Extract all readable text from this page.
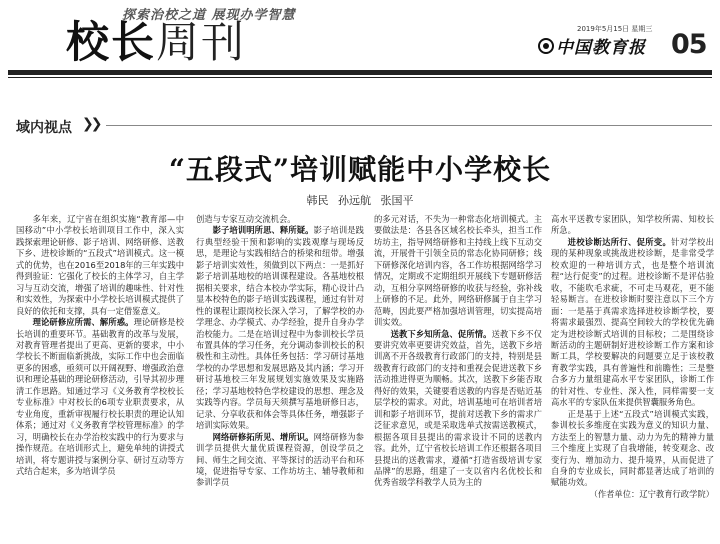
探索治校之道 展现办学智慧
校长周刊	2019年5月15日 星期三
中国教育报 05
域内视点 ❯❯
“五段式”培训赋能中小学校长
韩民 孙远航 张国平

多年来，辽宁省在组织实施“教育部—中国移动”中小学校长培训项目工作中，深入实践探索理论研修、影子培训、网络研修、送教下乡、进校诊断的“五段式”培训模式。这一模式的优势，也在2016至2018年的三年实践中得到验证：它强化了校长的主体学习，自主学习与互动交流，增强了培训的趣味性、针对性和实效性，为探索中小学校长培训模式提供了良好的依托和支撑，具有一定借鉴意义。

理论研修应所需、解所惑。理论研修是校长培训的重要环节。基础教育的改革与发展，对教育管理者提出了更高、更新的要求，中小学校长不断面临新挑战，实际工作中也会面临更多的困惑，亟须可以开阔视野、增强政治意识和理论基础的理论研修活动，引导其初步理清工作思路。知通过学习《义务教育学校校长专业标准》中对校长的6项专业职责要求，从专业角度，重新审视履行校长职责的理论认知体系；通过对《义务教育学校管理标准》的学习，明确校长在办学治校实践中的行为要求与操作规范。在培训形式上，避免单纯的讲授式培训，将专题讲授与案例分享、研讨互动等方式结合起来，多为培训学员

创造与专家互动交流机会。

影子培训明所思、释所疑。影子培训是践行典型经验干预和影响的实践观摩与现场反思，是理论与实践相结合的桥梁和纽带。增强影子培训实效性，须做到以下两点：一是抓好影子培训基地校的培训课程建设。各基地校根据相关要求，结合本校办学实际，精心设计凸显本校特色的影子培训实践课程，通过有针对性的课程让跟岗校长深入学习，了解学校的办学理念、办学模式、办学经验，提升自身办学治校能力。二是在培训过程中为参训校长学员布置具体的学习任务，充分调动参训校长的积极性和主动性。具体任务包括：学习研讨基地学校的办学思想和发展思路及其内涵；学习开研讨基地校三年发展规划实施效果及实施路径；学习基地校特色学校建设的思想、理念及实践等内容。学员每天须撰写基地研修日志，记录、分享收获和体会等具体任务，增强影子培训实际效果。

网络研修拓所见、增所识。网络研修为参训学员提供大量优质课程资源，创设学员之间、师生之间交流、平等探讨的活动平台和环境，促进指导专家、工作坊坊主、辅导教师和参训学员

的多元对话，不失为一种常态化培训模式。主要做法是：各县各区域名校长牵头，担当工作坊坊主，指导网络研修和主持线上线下互动交流，开展骨干引领全员的常态化协同研修；线下研修深化培训内容，各工作坊根据网络学习情况，定期或不定期组织开展线下专题研修活动，互相分享网络研修的收获与经验，弥补线上研修的不足。此外，网络研修属于自主学习范畴，因此要严格加强培训管理，切实提高培训实效。

送教下乡知所急、促所情。送教下乡不仅要讲究效率更要讲究效益，首先，送教下乡培训离不开各级教育行政部门的支持，特别是县级教育行政部门的支持和重视会促进送教下乡活动推进得更为顺畅。其次，送教下乡能否取得好的效果，关键要看送教的内容是否贴近基层学校的需求。对此，培训基地可在培训者培训和影子培训环节，提前对送教下乡的需求广泛征求意见，或是采取选单式按需送教模式，根据各项目县提出的需求设计不同的送教内容。此外，辽宁省校长培训工作还根据各项目县提出的送教需求，遵循“打造省级培训专家品牌”的思路，组建了一支以省内名优校长和优秀省级学科教学人员为主的

高水平送教专家团队，知学校所需、知校长所急。

进校诊断达所行、促所变。针对学校出现的某种现象或挑战进校诊断，是非常受学校欢迎的一种培训方式，也是整个培训流程“达行促变”的过程。进校诊断不是评估验收，不能吹毛求疵，不可走马观花，更不能轻易断言。在进校诊断时要注意以下三个方面：一是基于真需求选择进校诊断学校，要将需求最强烈、提高空间较大的学校优先确定为进校诊断式培训的目标校；二是围绕诊断活动的主题研制好进校诊断工作方案和诊断工具，学校要解决的问题要立足于该校教育教学实践，具有普遍性和前瞻性；三是整合多方力量组建高水平专家团队，诊断工作的针对性、专业性、深入性，同样需要一支高水平的专家队伍来提供智囊服务角色。

正是基于上述“五段式”培训模式实践，参训校长多维度在实践为意义的知识力量、方法至上的智慧力量、动力为先的精神力量三个维度上实现了自我增能，转变观念、改变行为、增加动力、提升境界，从而促进了自身的专业成长，同时都显著达成了培训的赋能功效。

（作者单位：辽宁教育行政学院）
